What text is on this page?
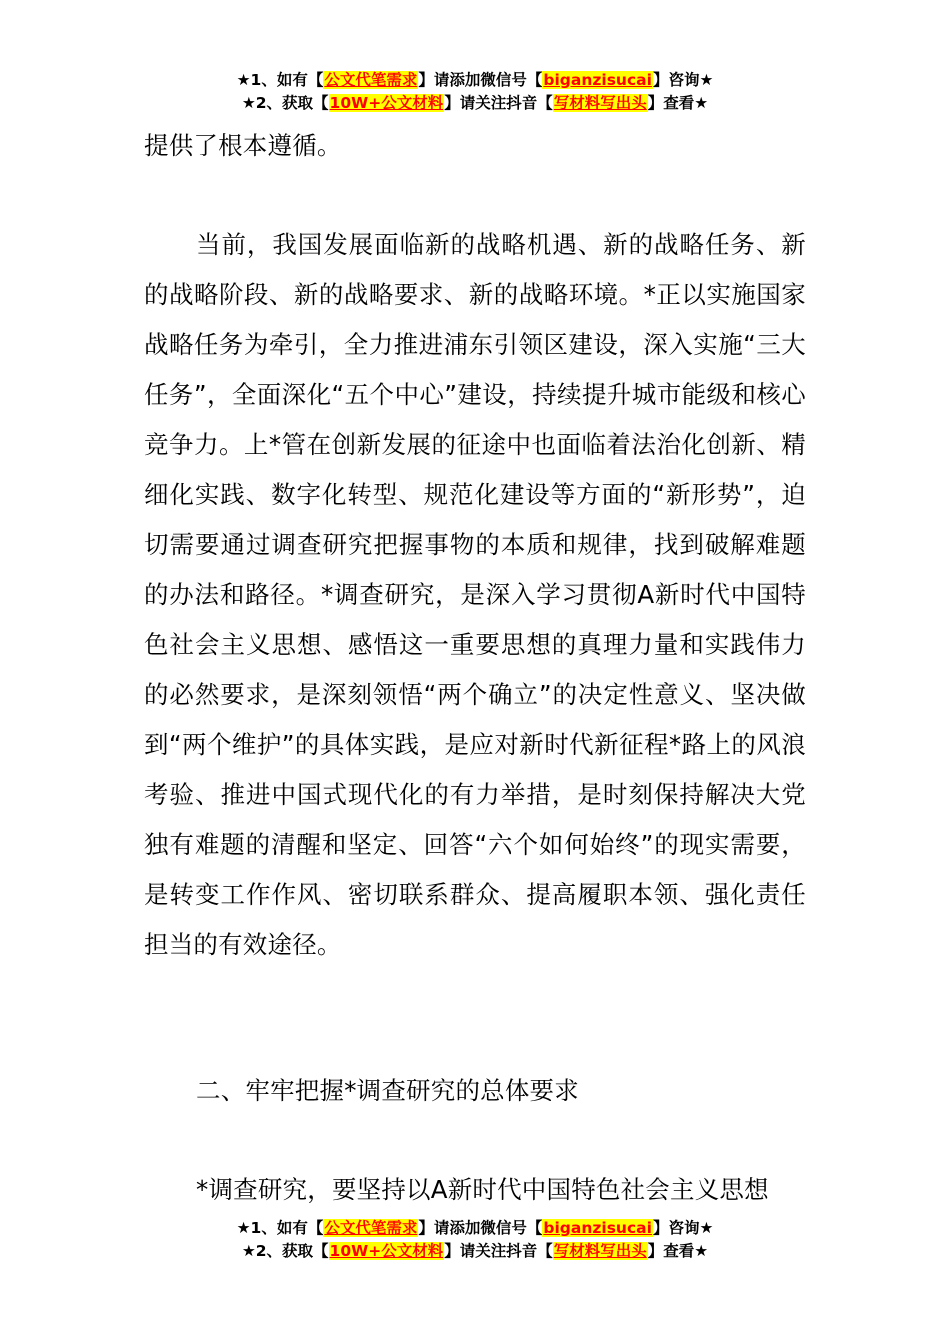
★1、如有【公文代笔需求】请添加微信号【biganzisucai】咨询★
★2、获取【10W+公文材料】请关注抖音【写材料写出头】查看★
提供了根本遵循。
当前，我国发展面临新的战略机遇、新的战略任务、新的战略阶段、新的战略要求、新的战略环境。*正以实施国家战略任务为牵引，全力推进浦东引领区建设，深入实施“三大任务”，全面深化“五个中心”建设，持续提升城市能级和核心竞争力。上*管在创新发展的征途中也面临着法治化创新、精细化实践、数字化转型、规范化建设等方面的“新形势”，迫切需要通过调查研究把握事物的本质和规律，找到破解难题的办法和路径。*调查研究，是深入学习贯彻A新时代中国特色社会主义思想、感悟这一重要思想的真理力量和实践伟力的必然要求，是深刻领悟“两个确立”的决定性意义、坚决做到“两个维护”的具体实践，是应对新时代新征程*路上的风浪考验、推进中国式现代化的有力举措，是时刻保持解决大党独有难题的清醒和坚定、回答“六个如何始终”的现实需要，是转变工作作风、密切联系群众、提高履职本领、强化责任担当的有效途径。
二、牢牢把握*调查研究的总体要求
*调查研究，要坚持以A新时代中国特色社会主义思想
★1、如有【公文代笔需求】请添加微信号【biganzisucai】咨询★
★2、获取【10W+公文材料】请关注抖音【写材料写出头】查看★
